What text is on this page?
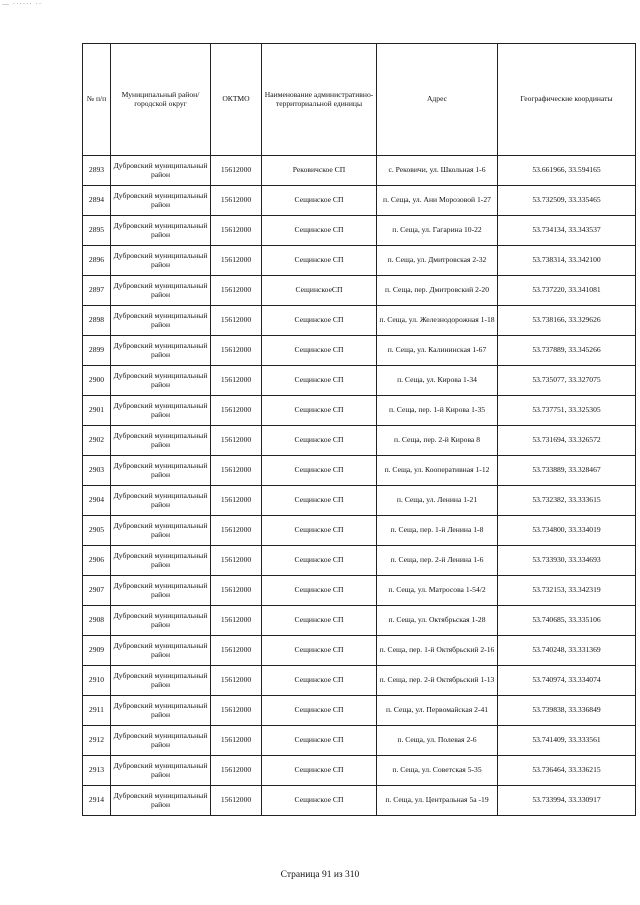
— ······ ··
№ п/п	Муниципальный район/городской округ	ОКТМО	Наименование административно-территориальной единицы	Адрес	Географические координаты
2893	Дубровский муниципальный район	15612000	Рековичское СП	с. Рековичи, ул. Школьная 1-6	53.661966, 33.594165
2894	Дубровский муниципальный район	15612000	Сещинское СП	п. Сеща, ул. Ани Морозовой 1-27	53.732509, 33.335465
2895	Дубровский муниципальный район	15612000	Сещинское СП	п. Сеща, ул. Гагарина 10-22	53.734134, 33.343537
2896	Дубровский муниципальный район	15612000	Сещинское СП	п. Сеща, ул. Дмитровская 2-32	53.738314, 33.342100
2897	Дубровский муниципальный район	15612000	СещинскоеСП	п. Сеща, пер. Дмитровский 2-20	53.737220, 33.341081
2898	Дубровский муниципальный район	15612000	Сещинское СП	п. Сеща, ул. Железнодорожная 1-18	53.738166, 33.329626
2899	Дубровский муниципальный район	15612000	Сещинское СП	п. Сеща, ул. Калининская 1-67	53.737889, 33.345266
2900	Дубровский муниципальный район	15612000	Сещинское СП	п. Сеща, ул. Кирова 1-34	53.735077, 33.327075
2901	Дубровский муниципальный район	15612000	Сещинское СП	п. Сеща, пер. 1-й Кирова 1-35	53.737751, 33.325305
2902	Дубровский муниципальный район	15612000	Сещинское СП	п. Сеща, пер. 2-й Кирова 8	53.731694, 33.326572
2903	Дубровский муниципальный район	15612000	Сещинское СП	п. Сеща, ул. Кооперативная 1-12	53.733889, 33.328467
2904	Дубровский муниципальный район	15612000	Сещинское СП	п. Сеща, ул. Ленина 1-21	53.732382, 33.333615
2905	Дубровский муниципальный район	15612000	Сещинское СП	п. Сеща, пер. 1-й Ленина 1-8	53.734800, 33.334019
2906	Дубровский муниципальный район	15612000	Сещинское СП	п. Сеща, пер. 2-й Ленина 1-6	53.733930, 33.334693
2907	Дубровский муниципальный район	15612000	Сещинское СП	п. Сеща, ул. Матросова 1-54/2	53.732153, 33.342319
2908	Дубровский муниципальный район	15612000	Сещинское СП	п. Сеща, ул. Октябрьская 1-28	53.740685, 33.335106
2909	Дубровский муниципальный район	15612000	Сещинское СП	п. Сеща, пер. 1-й Октябрьский 2-16	53.740248, 33.331369
2910	Дубровский муниципальный район	15612000	Сещинское СП	п. Сеща, пер. 2-й Октябрьский 1-13	53.740974, 33.334074
2911	Дубровский муниципальный район	15612000	Сещинское СП	п. Сеща, ул. Первомайская 2-41	53.739838, 33.336849
2912	Дубровский муниципальный район	15612000	Сещинское СП	п. Сеща, ул. Полевая 2-6	53.741409, 33.333561
2913	Дубровский муниципальный район	15612000	Сещинское СП	п. Сеща, ул. Советская 5-35	53.736464, 33.336215
2914	Дубровский муниципальный район	15612000	Сещинское СП	п. Сеща, ул. Центральная 5а -19	53.733994, 33.330917
Страница 91 из 310
